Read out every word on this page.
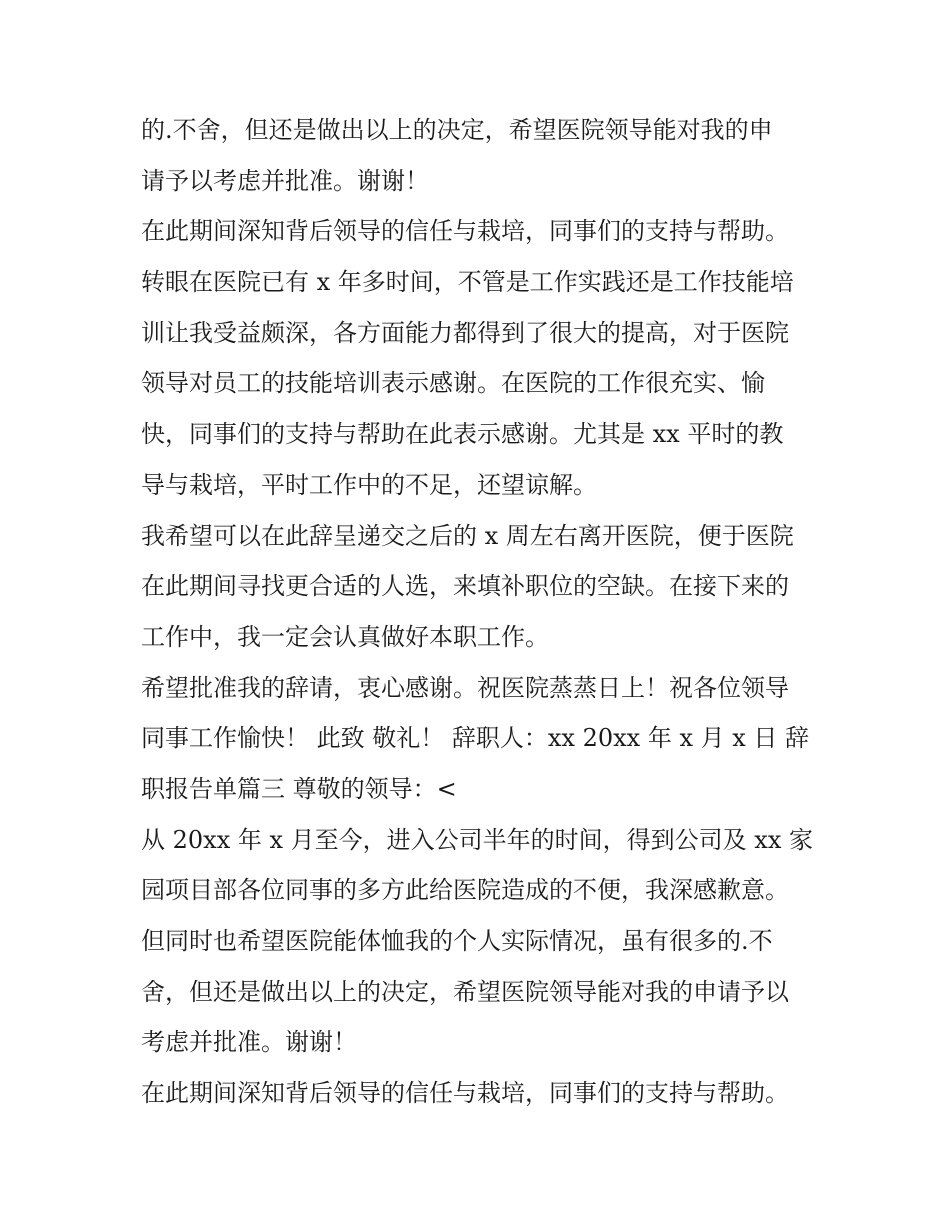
的.不舍，但还是做出以上的决定，希望医院领导能对我的申
请予以考虑并批准。谢谢！
在此期间深知背后领导的信任与栽培，同事们的支持与帮助。
转眼在医院已有 x 年多时间，不管是工作实践还是工作技能培
训让我受益颇深，各方面能力都得到了很大的提高，对于医院
领导对员工的技能培训表示感谢。在医院的工作很充实、愉
快，同事们的支持与帮助在此表示感谢。尤其是 xx 平时的教
导与栽培，平时工作中的不足，还望谅解。
我希望可以在此辞呈递交之后的 x 周左右离开医院，便于医院
在此期间寻找更合适的人选，来填补职位的空缺。在接下来的
工作中，我一定会认真做好本职工作。
希望批准我的辞请，衷心感谢。祝医院蒸蒸日上！祝各位领导
同事工作愉快！ 此致 敬礼！ 辞职人：xx 20xx 年 x 月 x 日 辞
职报告单篇三 尊敬的领导：<
从 20xx 年 x 月至今，进入公司半年的时间，得到公司及 xx 家
园项目部各位同事的多方此给医院造成的不便，我深感歉意。
但同时也希望医院能体恤我的个人实际情况，虽有很多的.不
舍，但还是做出以上的决定，希望医院领导能对我的申请予以
考虑并批准。谢谢！
在此期间深知背后领导的信任与栽培，同事们的支持与帮助。
